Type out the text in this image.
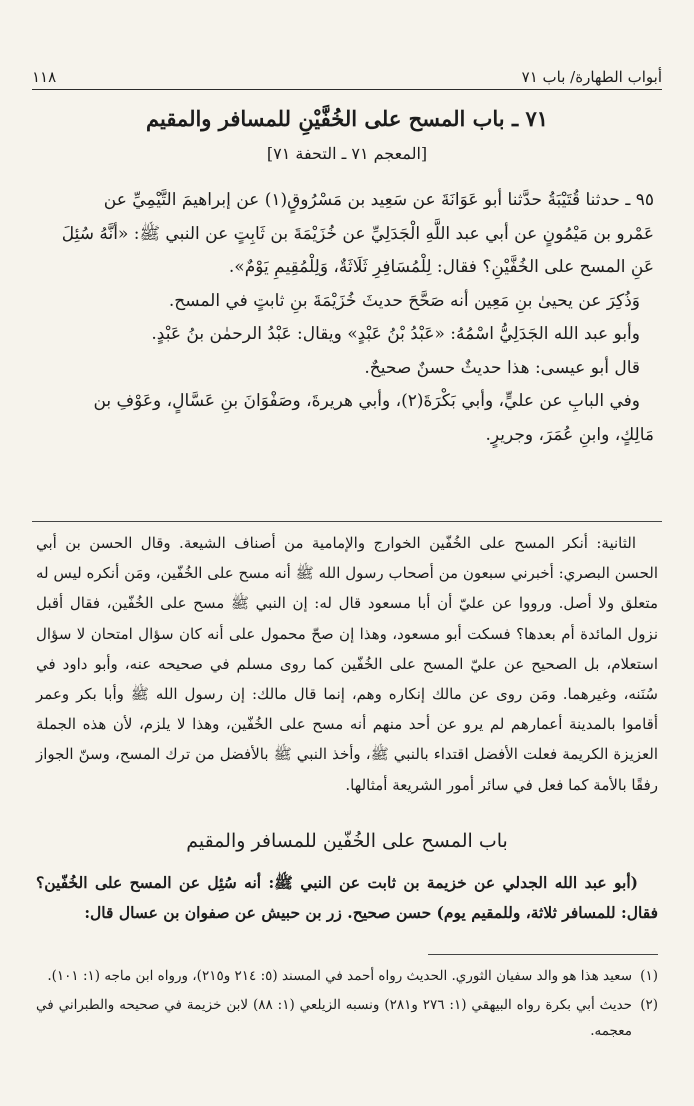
١١٨	أبواب الطهارة/ باب ٧١
٧١ ـ باب المسح على الخُفَّيْنِ للمسافر والمقيم
[المعجم ٧١ ـ التحفة ٧١]

٩٥ ـ حدثنا قُتَيْبَةُ حدَّثنا أبو عَوَانَةَ عن سَعِيد بن مَسْرُوقٍ(١) عن إبراهيمَ التَّيْمِيِّ عن

عَمْرو بن مَيْمُونٍ عن أبي عبد اللَّهِ الْجَدَلِيِّ عن خُزَيْمَةَ بن ثَابِتٍ عن النبي ﷺ: «أنَّهُ سُئِلَ

عَنِ المسح على الخُفَّيْنِ؟ فقال: لِلْمُسَافِرِ ثَلَاثَةٌ، وَلِلْمُقِيمِ يَوْمٌ».

وَذُكِرَ عن يحيىٰ بنِ مَعِين أنه صَحَّحَ حديثَ خُزَيْمَةَ بنِ ثابتٍ في المسح.

وأبو عبد الله الجَدَلِيُّ اسْمُهُ: «عَبْدُ بْنُ عَبْدٍ» ويقال: عَبْدُ الرحمٰن بنُ عَبْدٍ.

قال أبو عيسى: هذا حديثٌ حسنٌ صحيحٌ.

وفي البابِ عن عليٍّ، وأبي بَكْرَةَ(٢)، وأبي هريرةَ، وصَفْوَانَ بنِ عَسَّالٍ، وعَوْفِ بن

مَالِكٍ، وابنِ عُمَرَ، وجريرٍ.

الثانية: أنكر المسح على الخُفّين الخوارج والإمامية من أصناف الشيعة. وقال الحسن بن أبي الحسن البصري: أخبرني سبعون من أصحاب رسول الله ﷺ أنه مسح على الخُفّين، ومَن أنكره ليس له متعلق ولا أصل. ورووا عن عليّ أن أبا مسعود قال له: إن النبي ﷺ مسح على الخُفّين، فقال أقبل نزول المائدة أم بعدها؟ فسكت أبو مسعود، وهذا إن صحّ محمول على أنه كان سؤال امتحان لا سؤال استعلام، بل الصحيح عن عليّ المسح على الخُفّين كما روى مسلم في صحيحه عنه، وأبو داود في سُنَنه، وغيرهما. ومَن روى عن مالك إنكاره وهم، إنما قال مالك: إن رسول الله ﷺ وأبا بكر وعمر أقاموا بالمدينة أعمارهم لم يرو عن أحد منهم أنه مسح على الخُفّين، وهذا لا يلزم، لأن هذه الجملة العزيزة الكريمة فعلت الأفضل اقتداء بالنبي ﷺ، وأخذ النبي ﷺ بالأفضل من ترك المسح، وسنّ الجواز رفقًا بالأمة كما فعل في سائر أمور الشريعة أمثالها.

باب المسح على الخُفّين للمسافر والمقيم

(أبو عبد الله الجدلي عن خزيمة بن ثابت عن النبي ﷺ: أنه سُئِل عن المسح على الخُفّين؟ فقال: للمسافر ثلاثة، وللمقيم يوم) حسن صحيح. زر بن حبيش عن صفوان بن عسال قال:

(١)سعيد هذا هو والد سفيان الثوري. الحديث رواه أحمد في المسند (٥: ٢١٤ و٢١٥)، ورواه ابن ماجه (١: ١٠١).

(٢)حديث أبي بكرة رواه البيهقي (١: ٢٧٦ و٢٨١) ونسبه الزيلعي (١: ٨٨) لابن خزيمة في صحيحه والطبراني في معجمه.
